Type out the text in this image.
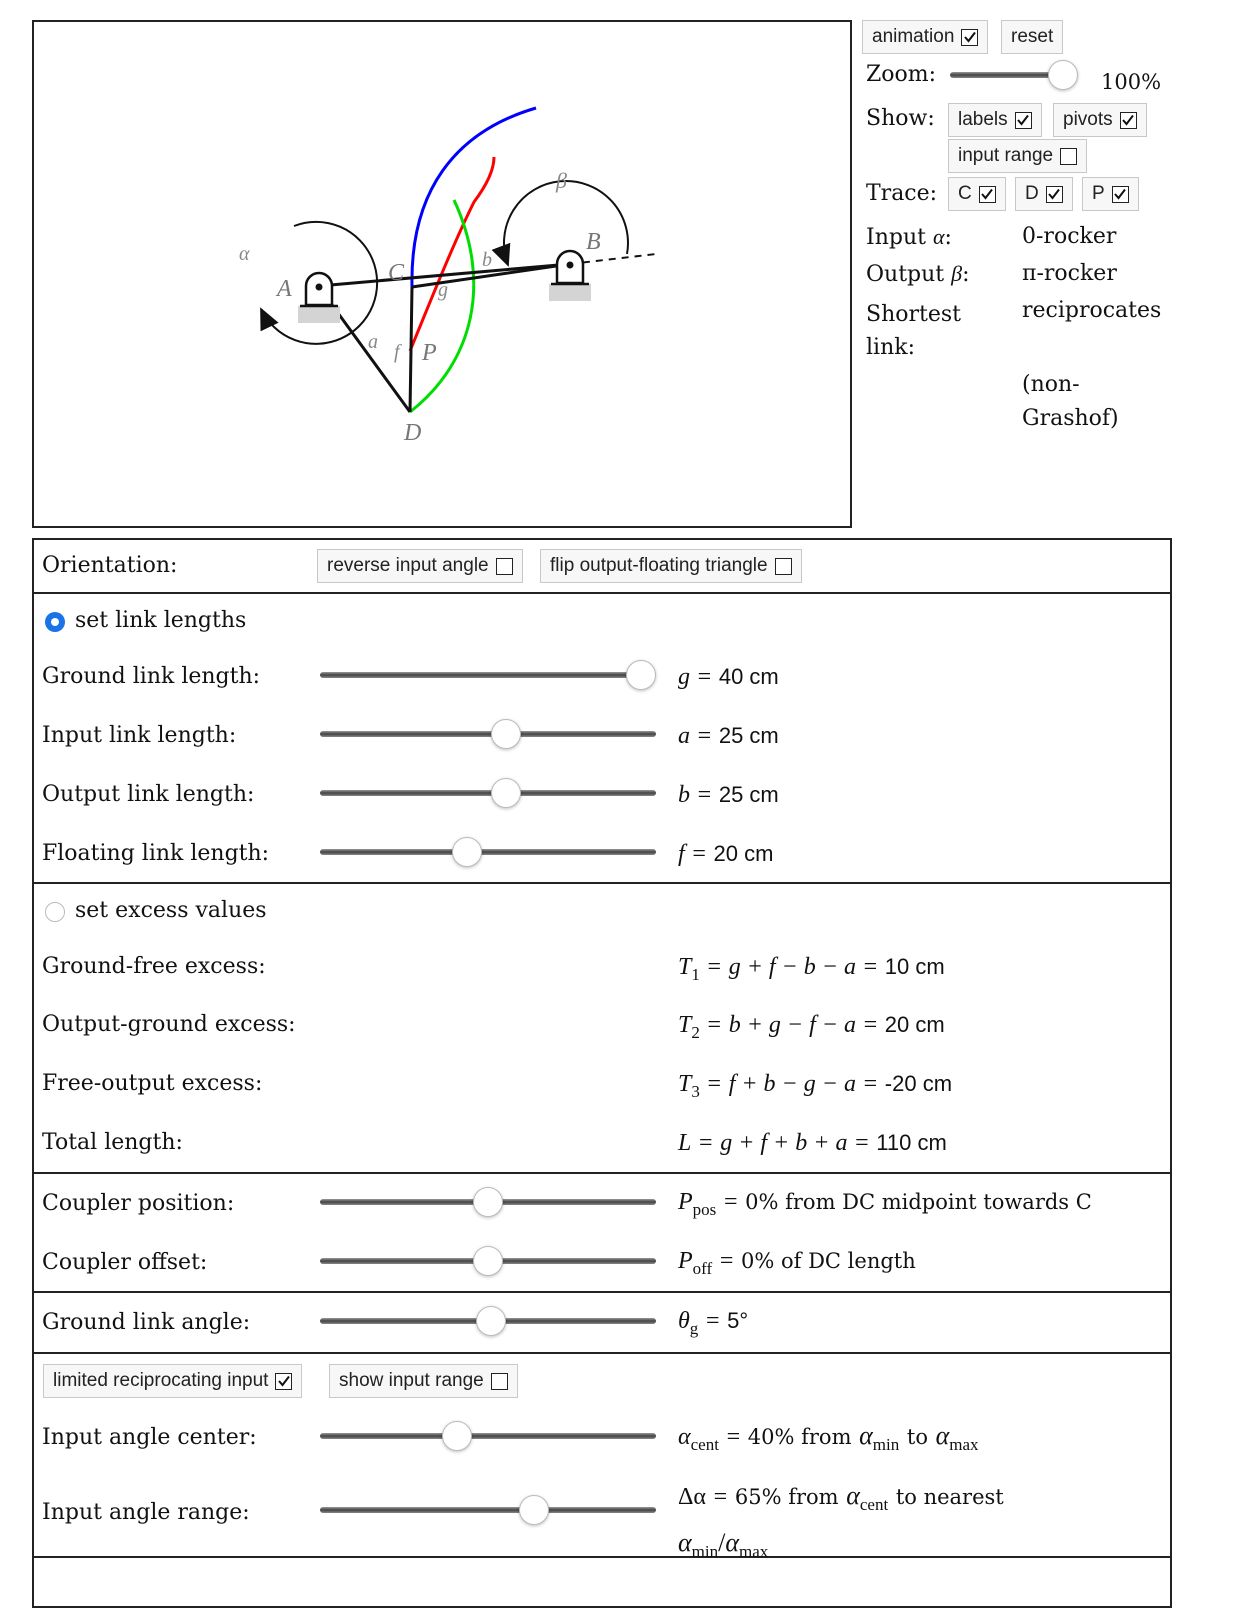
α
β
A
B
C
D
P
a
b
f
g
animation	reset
Zoom:	100%
Show: labels	pivots
input range
Trace: C	D	P
Input α:	0-rocker
Output β: π-rocker
Shortest link:
reciprocates
(non-Grashof)
Orientation:	reverse input angle	flip output-floating triangle
set link lengths
Ground link length:	g = 40 cm
Input link length:	a = 25 cm
Output link length:	b = 25 cm
Floating link length:	f = 20 cm
set excess values
Ground-free excess:	$T_1 = g + f - b - a = 10$ cm
Output-ground excess:	$T_2 = b + g - f - a = 20$ cm
Free-output excess:	$T_3 = f + b - g - a = -20$ cm
Total length:	L = g + f + b + a = 110 cm
Coupler position:	$P_{pos} = 0\%$ from DC midpoint towards C
Coupler offset:	$P_{off} = 0\%$ of DC length
Ground link angle:	$\theta_g = 5^\circ$
limited reciprocating input	show input range
Input angle center:	$\alpha_{cent} = 40\%$ from $\alpha_{min}$ to $\alpha_{max}$
Input angle range:
Δα = 65% from $\alpha_{cent}$ to nearest
$\alpha_{min}/\alpha_{max}$
